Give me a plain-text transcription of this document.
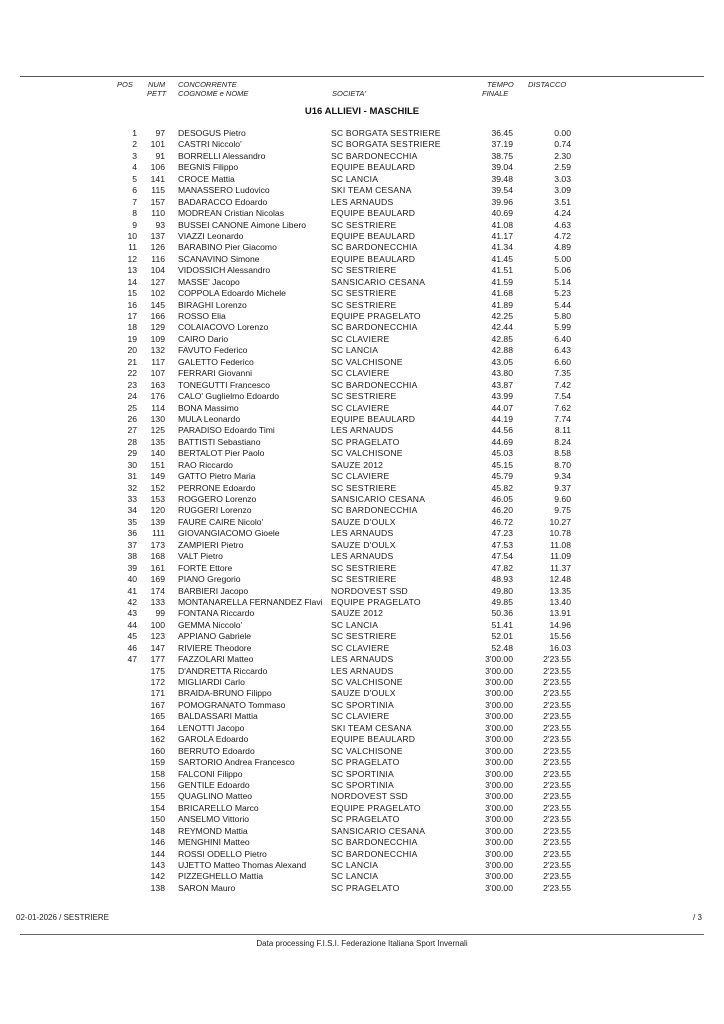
POS NUM
PETT
CONCORRENTE
COGNOME e NOME	SOCIETA'
TEMPO
FINALE
DISTACCO
U16 ALLIEVI - MASCHILE
1	97 DESOGUS Pietro	SC BORGATA SESTRIERE	36.45	0.00
2	101 CASTRI Niccolo'	SC BORGATA SESTRIERE	37.19	0.74
3	91 BORRELLI Alessandro	SC BARDONECCHIA	38.75	2.30
4	106 BEGNIS Filippo	EQUIPE BEAULARD	39.04	2.59
5	141 CROCE Mattia	SC LANCIA	39.48	3.03
6	115 MANASSERO Ludovico	SKI TEAM CESANA	39.54	3.09
7	157 BADARACCO Edoardo	LES ARNAUDS	39.96	3.51
8	110 MODREAN Cristian Nicolas	EQUIPE BEAULARD	40.69	4.24
9	93 BUSSEI CANONE Aimone Libero	SC SESTRIERE	41.08	4.63
10	137 VIAZZI Leonardo	EQUIPE BEAULARD	41.17	4.72
11	126 BARABINO Pier Giacomo	SC BARDONECCHIA	41.34	4.89
12	116 SCANAVINO Simone	EQUIPE BEAULARD	41.45	5.00
13	104 VIDOSSICH Alessandro	SC SESTRIERE	41.51	5.06
14	127 MASSE' Jacopo	SANSICARIO CESANA	41.59	5.14
15	102 COPPOLA Edoardo Michele	SC SESTRIERE	41.68	5.23
16	145 BIRAGHI Lorenzo	SC SESTRIERE	41.89	5.44
17	166 ROSSO Elia	EQUIPE PRAGELATO	42.25	5.80
18	129 COLAIACOVO Lorenzo	SC BARDONECCHIA	42.44	5.99
19	109 CAIRO Dario	SC CLAVIERE	42.85	6.40
20	132 FAVUTO Federico	SC LANCIA	42.88	6.43
21	117 GALETTO Federico	SC VALCHISONE	43.05	6.60
22	107 FERRARI Giovanni	SC CLAVIERE	43.80	7.35
23	163 TONEGUTTI Francesco	SC BARDONECCHIA	43.87	7.42
24	176 CALO' Guglielmo Edoardo	SC SESTRIERE	43.99	7.54
25	114 BONA Massimo	SC CLAVIERE	44.07	7.62
26	130 MULA Leonardo	EQUIPE BEAULARD	44.19	7.74
27	125 PARADISO Edoardo Timi	LES ARNAUDS	44.56	8.11
28	135 BATTISTI Sebastiano	SC PRAGELATO	44.69	8.24
29	140 BERTALOT Pier Paolo	SC VALCHISONE	45.03	8.58
30	151 RAO Riccardo	SAUZE 2012	45.15	8.70
31	149 GATTO Pietro Maria	SC CLAVIERE	45.79	9.34
32	152 PERRONE Edoardo	SC SESTRIERE	45.82	9.37
33	153 ROGGERO Lorenzo	SANSICARIO CESANA	46.05	9.60
34	120 RUGGERI Lorenzo	SC BARDONECCHIA	46.20	9.75
35	139 FAURE CAIRE Nicolo'	SAUZE D'OULX	46.72	10.27
36	111 GIOVANGIACOMO Gioele	LES ARNAUDS	47.23	10.78
37	173 ZAMPIERI Pietro	SAUZE D'OULX	47.53	11.08
38	168 VALT Pietro	LES ARNAUDS	47.54	11.09
39	161 FORTE Ettore	SC SESTRIERE	47.82	11.37
40	169 PIANO Gregorio	SC SESTRIERE	48.93	12.48
41	174 BARBIERI Jacopo	NORDOVEST SSD	49.80	13.35
42	133 MONTANARELLA FERNANDEZ Flavi EQUIPE PRAGELATO	49.85	13.40
43	99 FONTANA Riccardo	SAUZE 2012	50.36	13.91
44	100 GEMMA Niccolo'	SC LANCIA	51.41	14.96
45	123 APPIANO Gabriele	SC SESTRIERE	52.01	15.56
46	147 RIVIERE Theodore	SC CLAVIERE	52.48	16.03
47	177 FAZZOLARI Matteo	LES ARNAUDS	3'00.00	2'23.55
175 D'ANDRETTA Riccardo	LES ARNAUDS	3'00.00	2'23.55
172 MIGLIARDI Carlo	SC VALCHISONE	3'00.00	2'23.55
171 BRAIDA-BRUNO Filippo	SAUZE D'OULX	3'00.00	2'23.55
167 POMOGRANATO Tommaso	SC SPORTINIA	3'00.00	2'23.55
165 BALDASSARI Mattia	SC CLAVIERE	3'00.00	2'23.55
164 LENOTTI Jacopo	SKI TEAM CESANA	3'00.00	2'23.55
162 GAROLA Edoardo	EQUIPE BEAULARD	3'00.00	2'23.55
160 BERRUTO Edoardo	SC VALCHISONE	3'00.00	2'23.55
159 SARTORIO Andrea Francesco	SC PRAGELATO	3'00.00	2'23.55
158 FALCONI Filippo	SC SPORTINIA	3'00.00	2'23.55
156 GENTILE Edoardo	SC SPORTINIA	3'00.00	2'23.55
155 QUAGLINO Matteo	NORDOVEST SSD	3'00.00	2'23.55
154 BRICARELLO Marco	EQUIPE PRAGELATO	3'00.00	2'23.55
150 ANSELMO Vittorio	SC PRAGELATO	3'00.00	2'23.55
148 REYMOND Mattia	SANSICARIO CESANA	3'00.00	2'23.55
146 MENGHINI Matteo	SC BARDONECCHIA	3'00.00	2'23.55
144 ROSSI ODELLO Pietro	SC BARDONECCHIA	3'00.00	2'23.55
143 UJETTO Matteo Thomas Alexand	SC LANCIA	3'00.00	2'23.55
142 PIZZEGHELLO Mattia	SC LANCIA	3'00.00	2'23.55
138 SARON Mauro	SC PRAGELATO	3'00.00	2'23.55
02-01-2026 / SESTRIERE	/ 3
Data processing F.I.S.I. Federazione Italiana Sport Invernali
